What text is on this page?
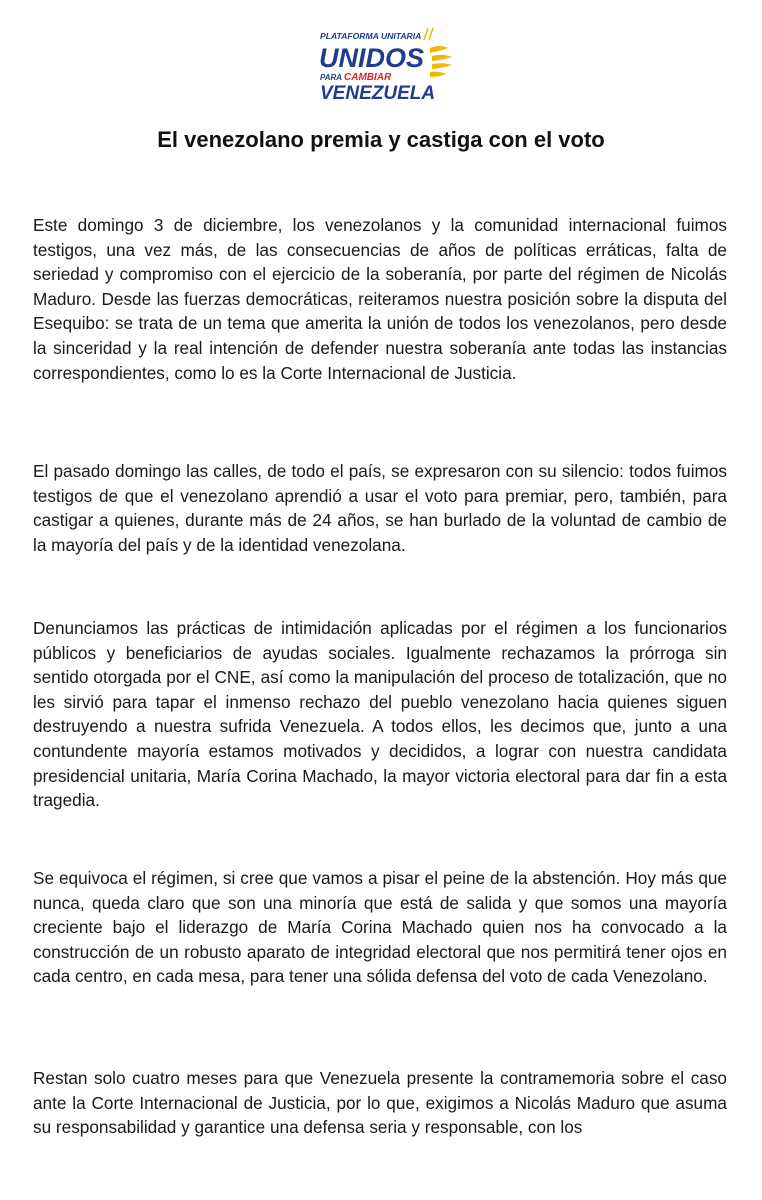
PLATAFORMA UNITARIA
UNIDOS
PARA CAMBIAR
VENEZUELA
El venezolano premia y castiga con el voto

Este domingo 3 de diciembre, los venezolanos y la comunidad internacional fuimos testigos, una vez más, de las consecuencias de años de políticas erráticas, falta de seriedad y compromiso con el ejercicio de la soberanía, por parte del régimen de Nicolás Maduro. Desde las fuerzas democráticas, reiteramos nuestra posición sobre la disputa del Esequibo: se trata de un tema que amerita la unión de todos los venezolanos, pero desde la sinceridad y la real intención de defender nuestra soberanía ante todas las instancias correspondientes, como lo es la Corte Internacional de Justicia.

El pasado domingo las calles, de todo el país, se expresaron con su silencio: todos fuimos testigos de que el venezolano aprendió a usar el voto para premiar, pero, también, para castigar a quienes, durante más de 24 años, se han burlado de la voluntad de cambio de la mayoría del país y de la identidad venezolana.

Denunciamos las prácticas de intimidación aplicadas por el régimen a los funcionarios públicos y beneficiarios de ayudas sociales. Igualmente rechazamos la prórroga sin sentido otorgada por el CNE, así como la manipulación del proceso de totalización, que no les sirvió para tapar el inmenso rechazo del pueblo venezolano hacia quienes siguen destruyendo a nuestra sufrida Venezuela. A todos ellos, les decimos que, junto a una contundente mayoría estamos motivados y decididos, a lograr con nuestra candidata presidencial unitaria, María Corina Machado, la mayor victoria electoral para dar fin a esta tragedia.

Se equivoca el régimen, si cree que vamos a pisar el peine de la abstención. Hoy más que nunca, queda claro que son una minoría que está de salida y que somos una mayoría creciente bajo el liderazgo de María Corina Machado quien nos ha convocado a la construcción de un robusto aparato de integridad electoral que nos permitirá tener ojos en cada centro, en cada mesa, para tener una sólida defensa del voto de cada Venezolano.

Restan solo cuatro meses para que Venezuela presente la contramemoria sobre el caso ante la Corte Internacional de Justicia, por lo que, exigimos a Nicolás Maduro que asuma su responsabilidad y garantice una defensa seria y responsable, con los
